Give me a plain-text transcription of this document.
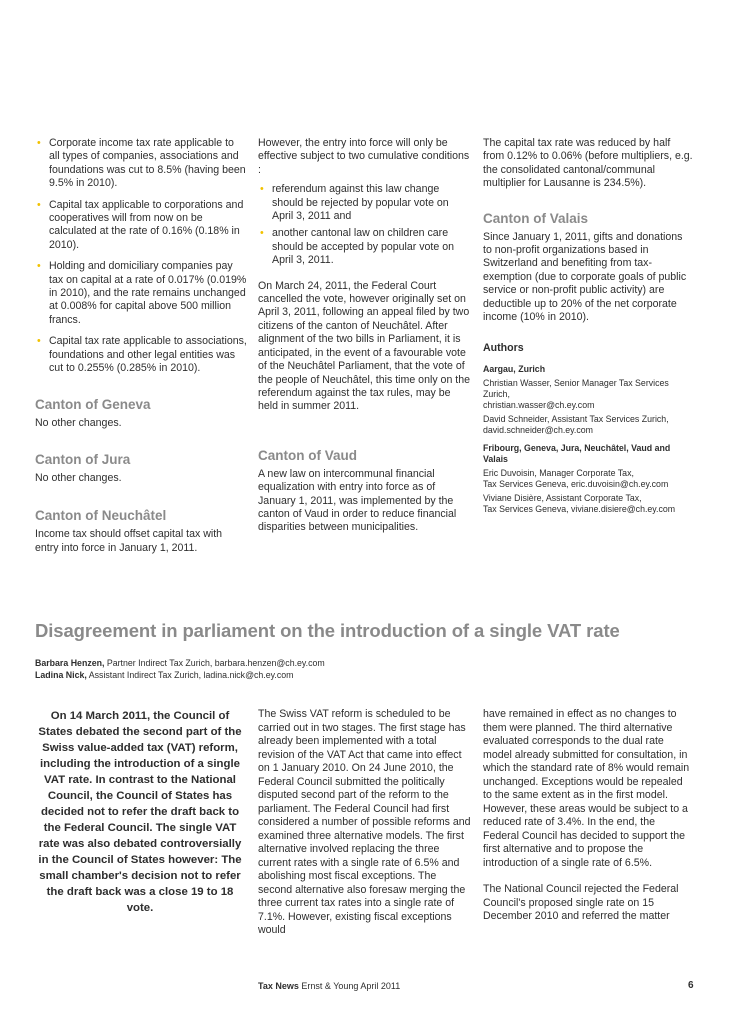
• Corporate income tax rate applicable to all types of companies, associations and foundations was cut to 8.5% (having been 9.5% in 2010).

• Capital tax applicable to corporations and cooperatives will from now on be calculated at the rate of 0.16% (0.18% in 2010).

• Holding and domiciliary companies pay tax on capital at a rate of 0.017% (0.019% in 2010), and the rate remains unchanged at 0.008% for capital above 500 million francs.

• Capital tax rate applicable to associations, foundations and other legal entities was cut to 0.255% (0.285% in 2010).

Canton of Geneva

No other changes.

Canton of Jura

No other changes.

Canton of Neuchâtel

Income tax should offset capital tax with entry into force in January 1, 2011.

However, the entry into force will only be effective subject to two cumulative conditions :

• referendum against this law change should be rejected by popular vote on April 3, 2011 and

• another cantonal law on children care should be accepted by popular vote on April 3, 2011.

On March 24, 2011, the Federal Court cancelled the vote, however originally set on April 3, 2011, following an appeal filed by two citizens of the canton of Neuchâtel. After alignment of the two bills in Parliament, it is anticipated, in the event of a favourable vote of the Neuchâtel Parliament, that the vote of the people of Neuchâtel, this time only on the referendum against the tax rules, may be held in summer 2011.

Canton of Vaud

A new law on intercommunal financial equalization with entry into force as of January 1, 2011, was implemented by the canton of Vaud in order to reduce financial disparities between municipalities.

The capital tax rate was reduced by half from 0.12% to 0.06% (before multipliers, e.g. the consolidated cantonal/communal multiplier for Lausanne is 234.5%).

Canton of Valais

Since January 1, 2011, gifts and donations to non-profit organizations based in Switzerland and benefiting from tax-exemption (due to corporate goals of public service or non-profit public activity) are deductible up to 20% of the net corporate income (10% in 2010).

Authors

Aargau, Zurich
Christian Wasser, Senior Manager Tax Services Zurich,
christian.wasser@ch.ey.com
David Schneider, Assistant Tax Services Zurich,
david.schneider@ch.ey.com
Fribourg, Geneva, Jura, Neuchâtel, Vaud and Valais
Eric Duvoisin, Manager Corporate Tax,
Tax Services Geneva, eric.duvoisin@ch.ey.com
Viviane Disière, Assistant Corporate Tax,
Tax Services Geneva, viviane.disiere@ch.ey.com
Disagreement in parliament on the introduction of a single VAT rate
Barbara Henzen, Partner Indirect Tax Zurich, barbara.henzen@ch.ey.com
Ladina Nick, Assistant Indirect Tax Zurich, ladina.nick@ch.ey.com

On 14 March 2011, the Council of States debated the second part of the Swiss value-added tax (VAT) reform, including the introduction of a single VAT rate. In contrast to the National Council, the Council of States has decided not to refer the draft back to the Federal Council. The single VAT rate was also debated controversially in the Council of States however: The small chamber's decision not to refer the draft back was a close 19 to 18 vote.

The Swiss VAT reform is scheduled to be carried out in two stages. The first stage has already been implemented with a total revision of the VAT Act that came into effect on 1 January 2010. On 24 June 2010, the Federal Council submitted the politically disputed second part of the reform to the parliament. The Federal Council had first considered a number of possible reforms and examined three alternative models. The first alternative involved replacing the three current rates with a single rate of 6.5% and abolishing most fiscal exceptions. The second alternative also foresaw merging the three current tax rates into a single rate of 7.1%. However, existing fiscal exceptions would

have remained in effect as no changes to them were planned. The third alternative evaluated corresponds to the dual rate model already submitted for consultation, in which the standard rate of 8% would remain unchanged. Exceptions would be repealed to the same extent as in the first model. However, these areas would be subject to a reduced rate of 3.4%. In the end, the Federal Council has decided to support the first alternative and to propose the introduction of a single rate of 6.5%.

The National Council rejected the Federal Council's proposed single rate on 15 December 2010 and referred the matter

Tax News Ernst & Young April 2011	6
